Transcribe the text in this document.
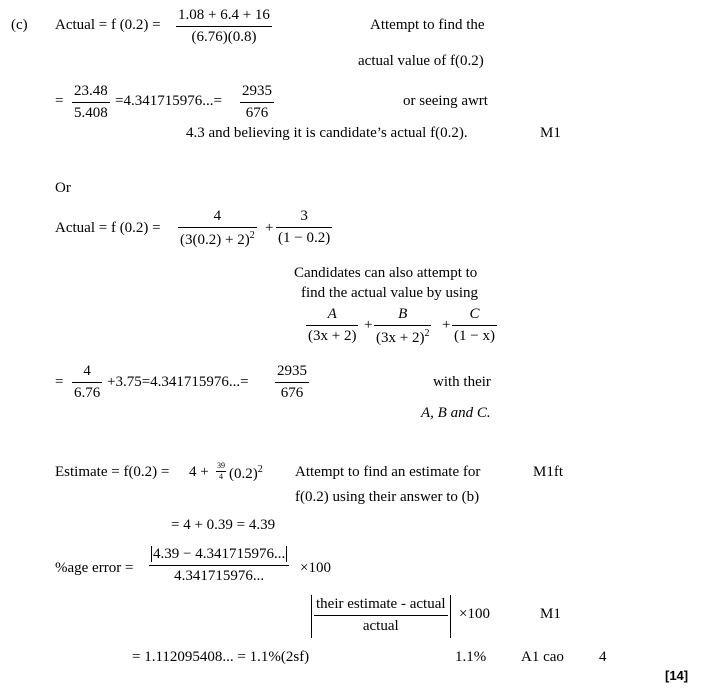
(c) Actual = f $(0.2) = \frac{1.08 + 6.4 + 16}{(6.76)(0.8)}$	Attempt to find the
actual value of f(0.2)
= $\frac{23.48}{5.408} =4.341715976...= \frac{2935}{676}$	or seeing awrt
4.3 and believing it is candidate’s actual f(0.2).	M1
Or
Actual = f $(0.2) = \frac{4}{(3(0.2) + 2)^2} + \frac{3}{(1 - 0.2)}$
Candidates can also attempt to
find the actual value by using
$\frac{A}{(3x + 2)} + \frac{B}{(3x + 2)^2} + \frac{C}{(1 - x)}$
= $\frac{4}{6.76} +3.75=4.341715976...= \frac{2935}{676}$	with their
A, B and C.
Estimate = $f(0.2) = 4 + \frac{39}{4} (0.2)^2$ Attempt to find an estimate for
f(0.2) using their answer to (b)
M1ft
= 4 + 0.39 = 4.39
%age error = $\frac{4.39 - 4.341715976...}{4.341715976...} \times 100$
their estimate - actual
actual
×100	M1
= 1.112095408... = 1.1%(2sf)	1.1% A1 cao 4
[14]
